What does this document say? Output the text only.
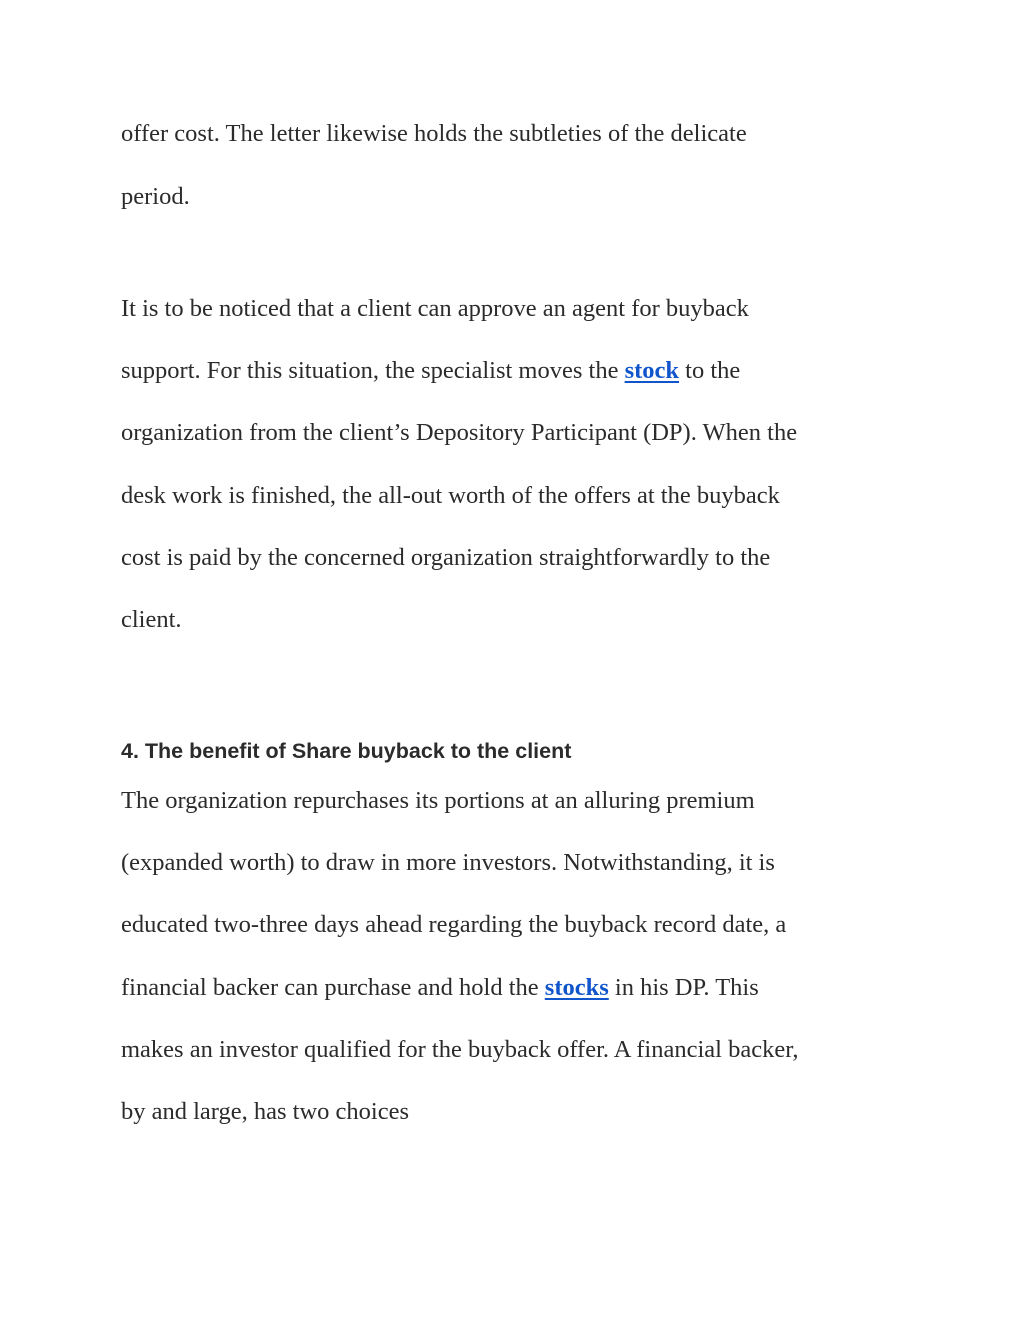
offer cost. The letter likewise holds the subtleties of the delicate
period.
It is to be noticed that a client can approve an agent for buyback
support. For this situation, the specialist moves the stock to the
organization from the client’s Depository Participant (DP). When the
desk work is finished, the all-out worth of the offers at the buyback
cost is paid by the concerned organization straightforwardly to the
client.
4. The benefit of Share buyback to the client
The organization repurchases its portions at an alluring premium
(expanded worth) to draw in more investors. Notwithstanding, it is
educated two-three days ahead regarding the buyback record date, a
financial backer can purchase and hold the stocks in his DP. This
makes an investor qualified for the buyback offer. A financial backer,
by and large, has two choices
